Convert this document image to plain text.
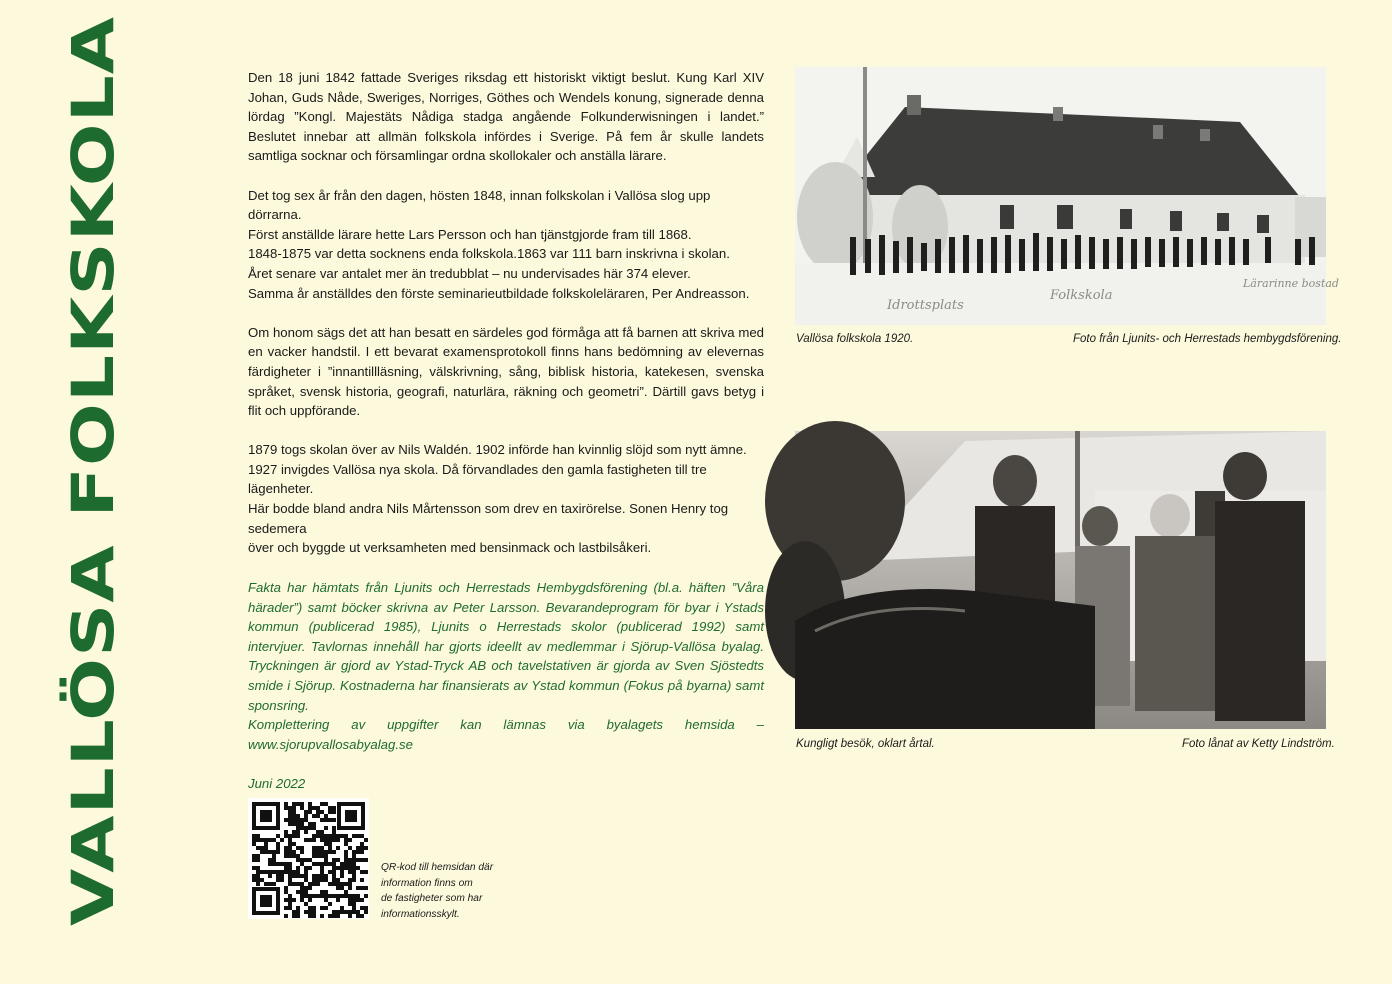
VALLÖSA FOLKSKOLA	Den 18 juni 1842 fattade Sveriges riksdag ett historiskt viktigt beslut. Kung Karl XIV Johan, Guds Nåde, Sweriges, Norriges, Göthes och Wendels konung, signerade denna lördag ”Kongl. Majestäts Nådiga stadga angående Folkunderwisningen i landet.” Beslutet innebar att allmän folkskola infördes i Sverige. På fem år skulle landets samtliga socknar och församlingar ordna skollokaler och anställa lärare.

Det tog sex år från den dagen, hösten 1848, innan folkskolan i Vallösa slog upp dörrarna.
Först anställde lärare hette Lars Persson och han tjänstgjorde fram till 1868.
1848-1875 var detta socknens enda folkskola.1863 var 111 barn inskrivna i skolan.
Året senare var antalet mer än tredubblat – nu undervisades här 374 elever.
Samma år anställdes den förste seminarieutbildade folkskoleläraren, Per Andreasson.

Om honom sägs det att han besatt en särdeles god förmåga att få barnen att skriva med en vacker handstil. I ett bevarat examensprotokoll finns hans bedömning av elevernas färdigheter i ”innantillläsning, välskrivning, sång, biblisk historia, katekesen, svenska språket, svensk historia, geografi, naturlära, räkning och geometri”. Därtill gavs betyg i flit och uppförande.

1879 togs skolan över av Nils Waldén. 1902 införde han kvinnlig slöjd som nytt ämne.
1927 invigdes Vallösa nya skola. Då förvandlades den gamla fastigheten till tre lägenheter.
Här bodde bland andra Nils Mårtensson som drev en taxirörelse. Sonen Henry tog sedemera
över och byggde ut verksamheten med bensinmack och lastbilsåkeri.

Fakta har hämtats från Ljunits och Herrestads Hembygdsförening (bl.a. häften ”Våra härader”) samt böcker skrivna av Peter Larsson. Bevarandeprogram för byar i Ystads kommun (publicerad 1985), Ljunits o Herrestads skolor (publicerad 1992) samt intervjuer. Tavlornas innehåll har gjorts ideellt av medlemmar i Sjörup-Vallösa byalag. Tryckningen är gjord av Ystad-Tryck AB och tavelstativen är gjorda av Sven Sjöstedts smide i Sjörup. Kostnaderna har finansierats av Ystad kommun (Fokus på byarna) samt sponsring.

Komplettering av uppgifter kan lämnas via byalagets hemsida – www.sjorupvallosabyalag.se

Juni 2022

Idrottsplats
Folkskola
Lärarinne bostad
Vallösa folkskola 1920.	Foto från Ljunits- och Herrestads hembygdsförening.
Kungligt besök, oklart årtal.	Foto lånat av Ketty Lindström.
QR-kod till hemsidan där
information finns om
de fastigheter som har
informationsskylt.
